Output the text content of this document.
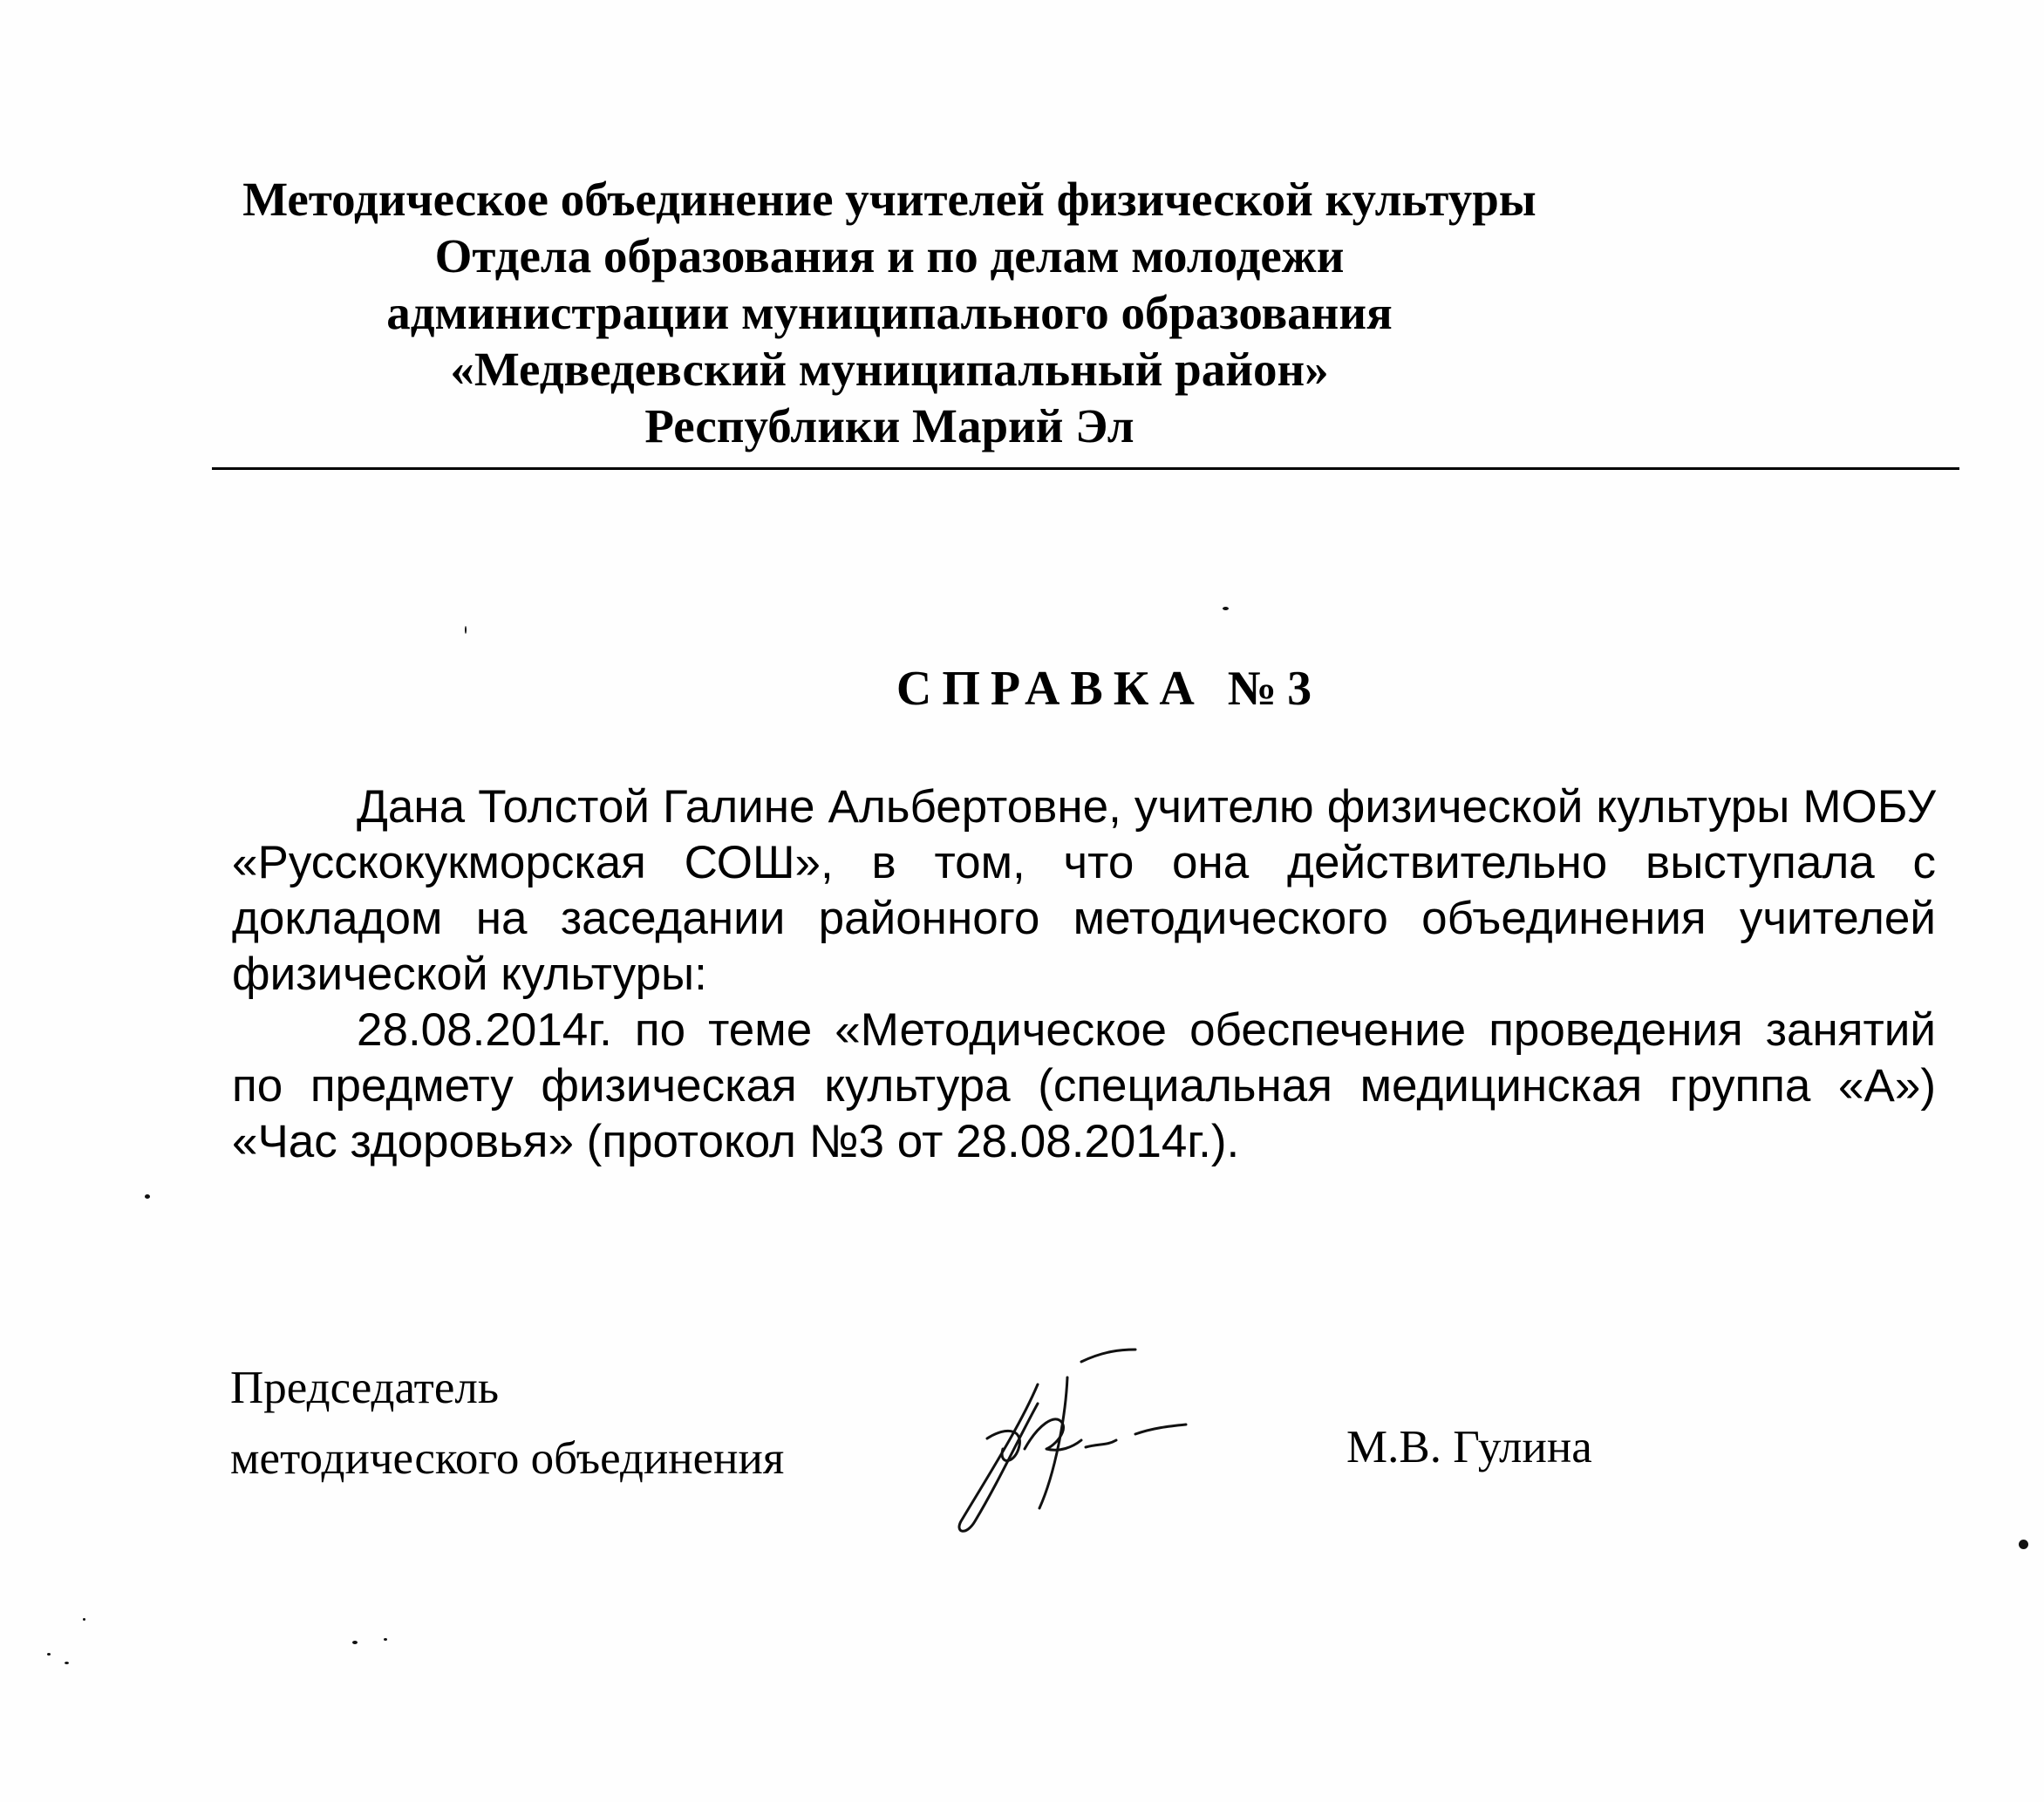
Методическое объединение учителей физической культуры
Отдела образования и по делам молодежи
администрации муниципального образования
«Медведевский муниципальный район»
Республики Марий Эл
СПРАВКА №3

Дана Толстой Галине Альбертовне, учителю физической культуры МОБУ «Русскокукморская СОШ», в том, что она действительно выступала с докладом на заседании районного методического объединения учителей физической культуры:

28.08.2014г. по теме «Методическое обеспечение проведения занятий по предмету физическая культура (специальная медицинская группа «А») «Час здоровья» (протокол №3 от 28.08.2014г.).

Председатель
методического объединения	М.В. Гулина
